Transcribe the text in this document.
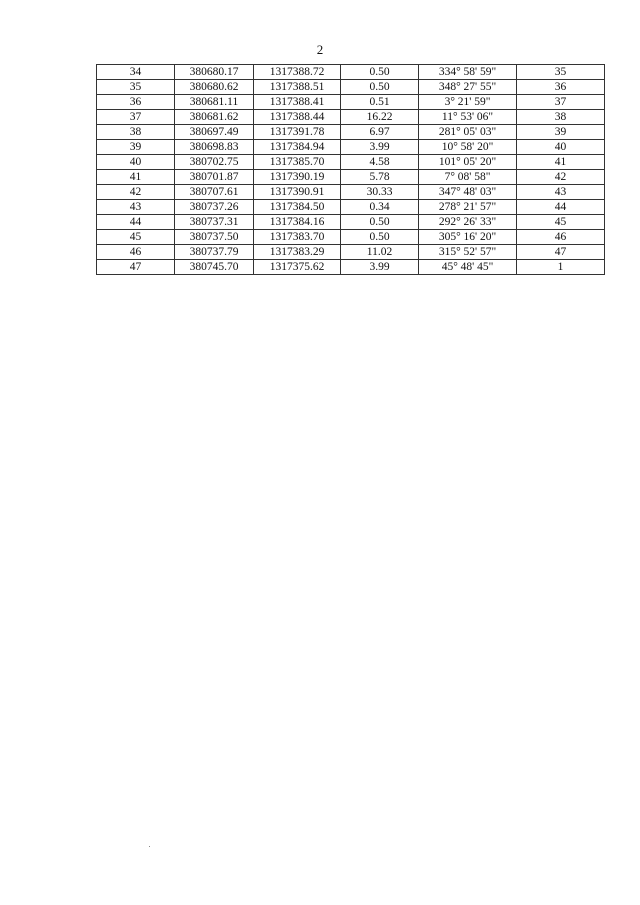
2
34	380680.17	1317388.72	0.50	334° 58' 59"	35
35	380680.62	1317388.51	0.50	348° 27' 55"	36
36	380681.11	1317388.41	0.51	3° 21' 59"	37
37	380681.62	1317388.44	16.22	11° 53' 06"	38
38	380697.49	1317391.78	6.97	281° 05' 03"	39
39	380698.83	1317384.94	3.99	10° 58' 20"	40
40	380702.75	1317385.70	4.58	101° 05' 20"	41
41	380701.87	1317390.19	5.78	7° 08' 58"	42
42	380707.61	1317390.91	30.33	347° 48' 03"	43
43	380737.26	1317384.50	0.34	278° 21' 57"	44
44	380737.31	1317384.16	0.50	292° 26' 33"	45
45	380737.50	1317383.70	0.50	305° 16' 20"	46
46	380737.79	1317383.29	11.02	315° 52' 57"	47
47	380745.70	1317375.62	3.99	45° 48' 45"	1
